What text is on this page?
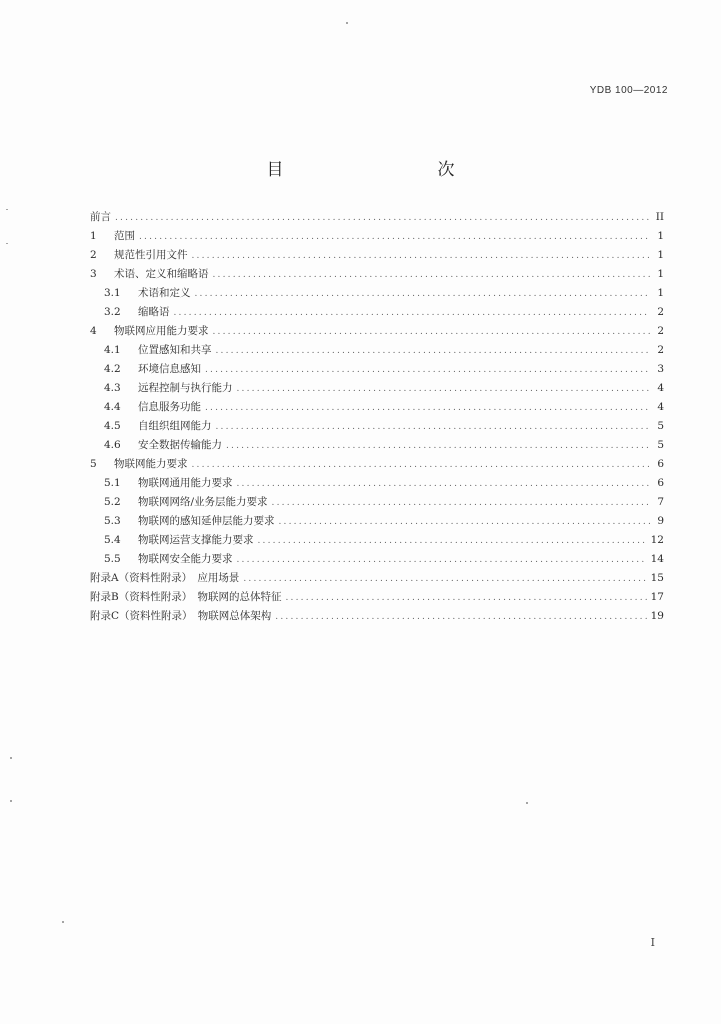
YDB 100—2012
目　　次
前言 .....	II
1	范围 .....	1
2	规范性引用文件 .....	1
3	术语、定义和缩略语 .....	1
3.1	术语和定义 .....	1
3.2	缩略语 .....	2
4	物联网应用能力要求 .....	2
4.1	位置感知和共享 .....	2
4.2	环境信息感知 .....	3
4.3	远程控制与执行能力 .....	4
4.4	信息服务功能 .....	4
4.5	自组织组网能力 .....	5
4.6	安全数据传输能力 .....	5
5	物联网能力要求 .....	6
5.1	物联网通用能力要求 .....	6
5.2	物联网网络/业务层能力要求 .....	7
5.3	物联网的感知延伸层能力要求 .....	9
5.4	物联网运营支撑能力要求 .....	12
5.5	物联网安全能力要求 .....	14
附录A（资料性附录）　应用场景 .....	15
附录B（资料性附录）　物联网的总体特征 .....	17
附录C（资料性附录）　物联网总体架构 .....	19
I
